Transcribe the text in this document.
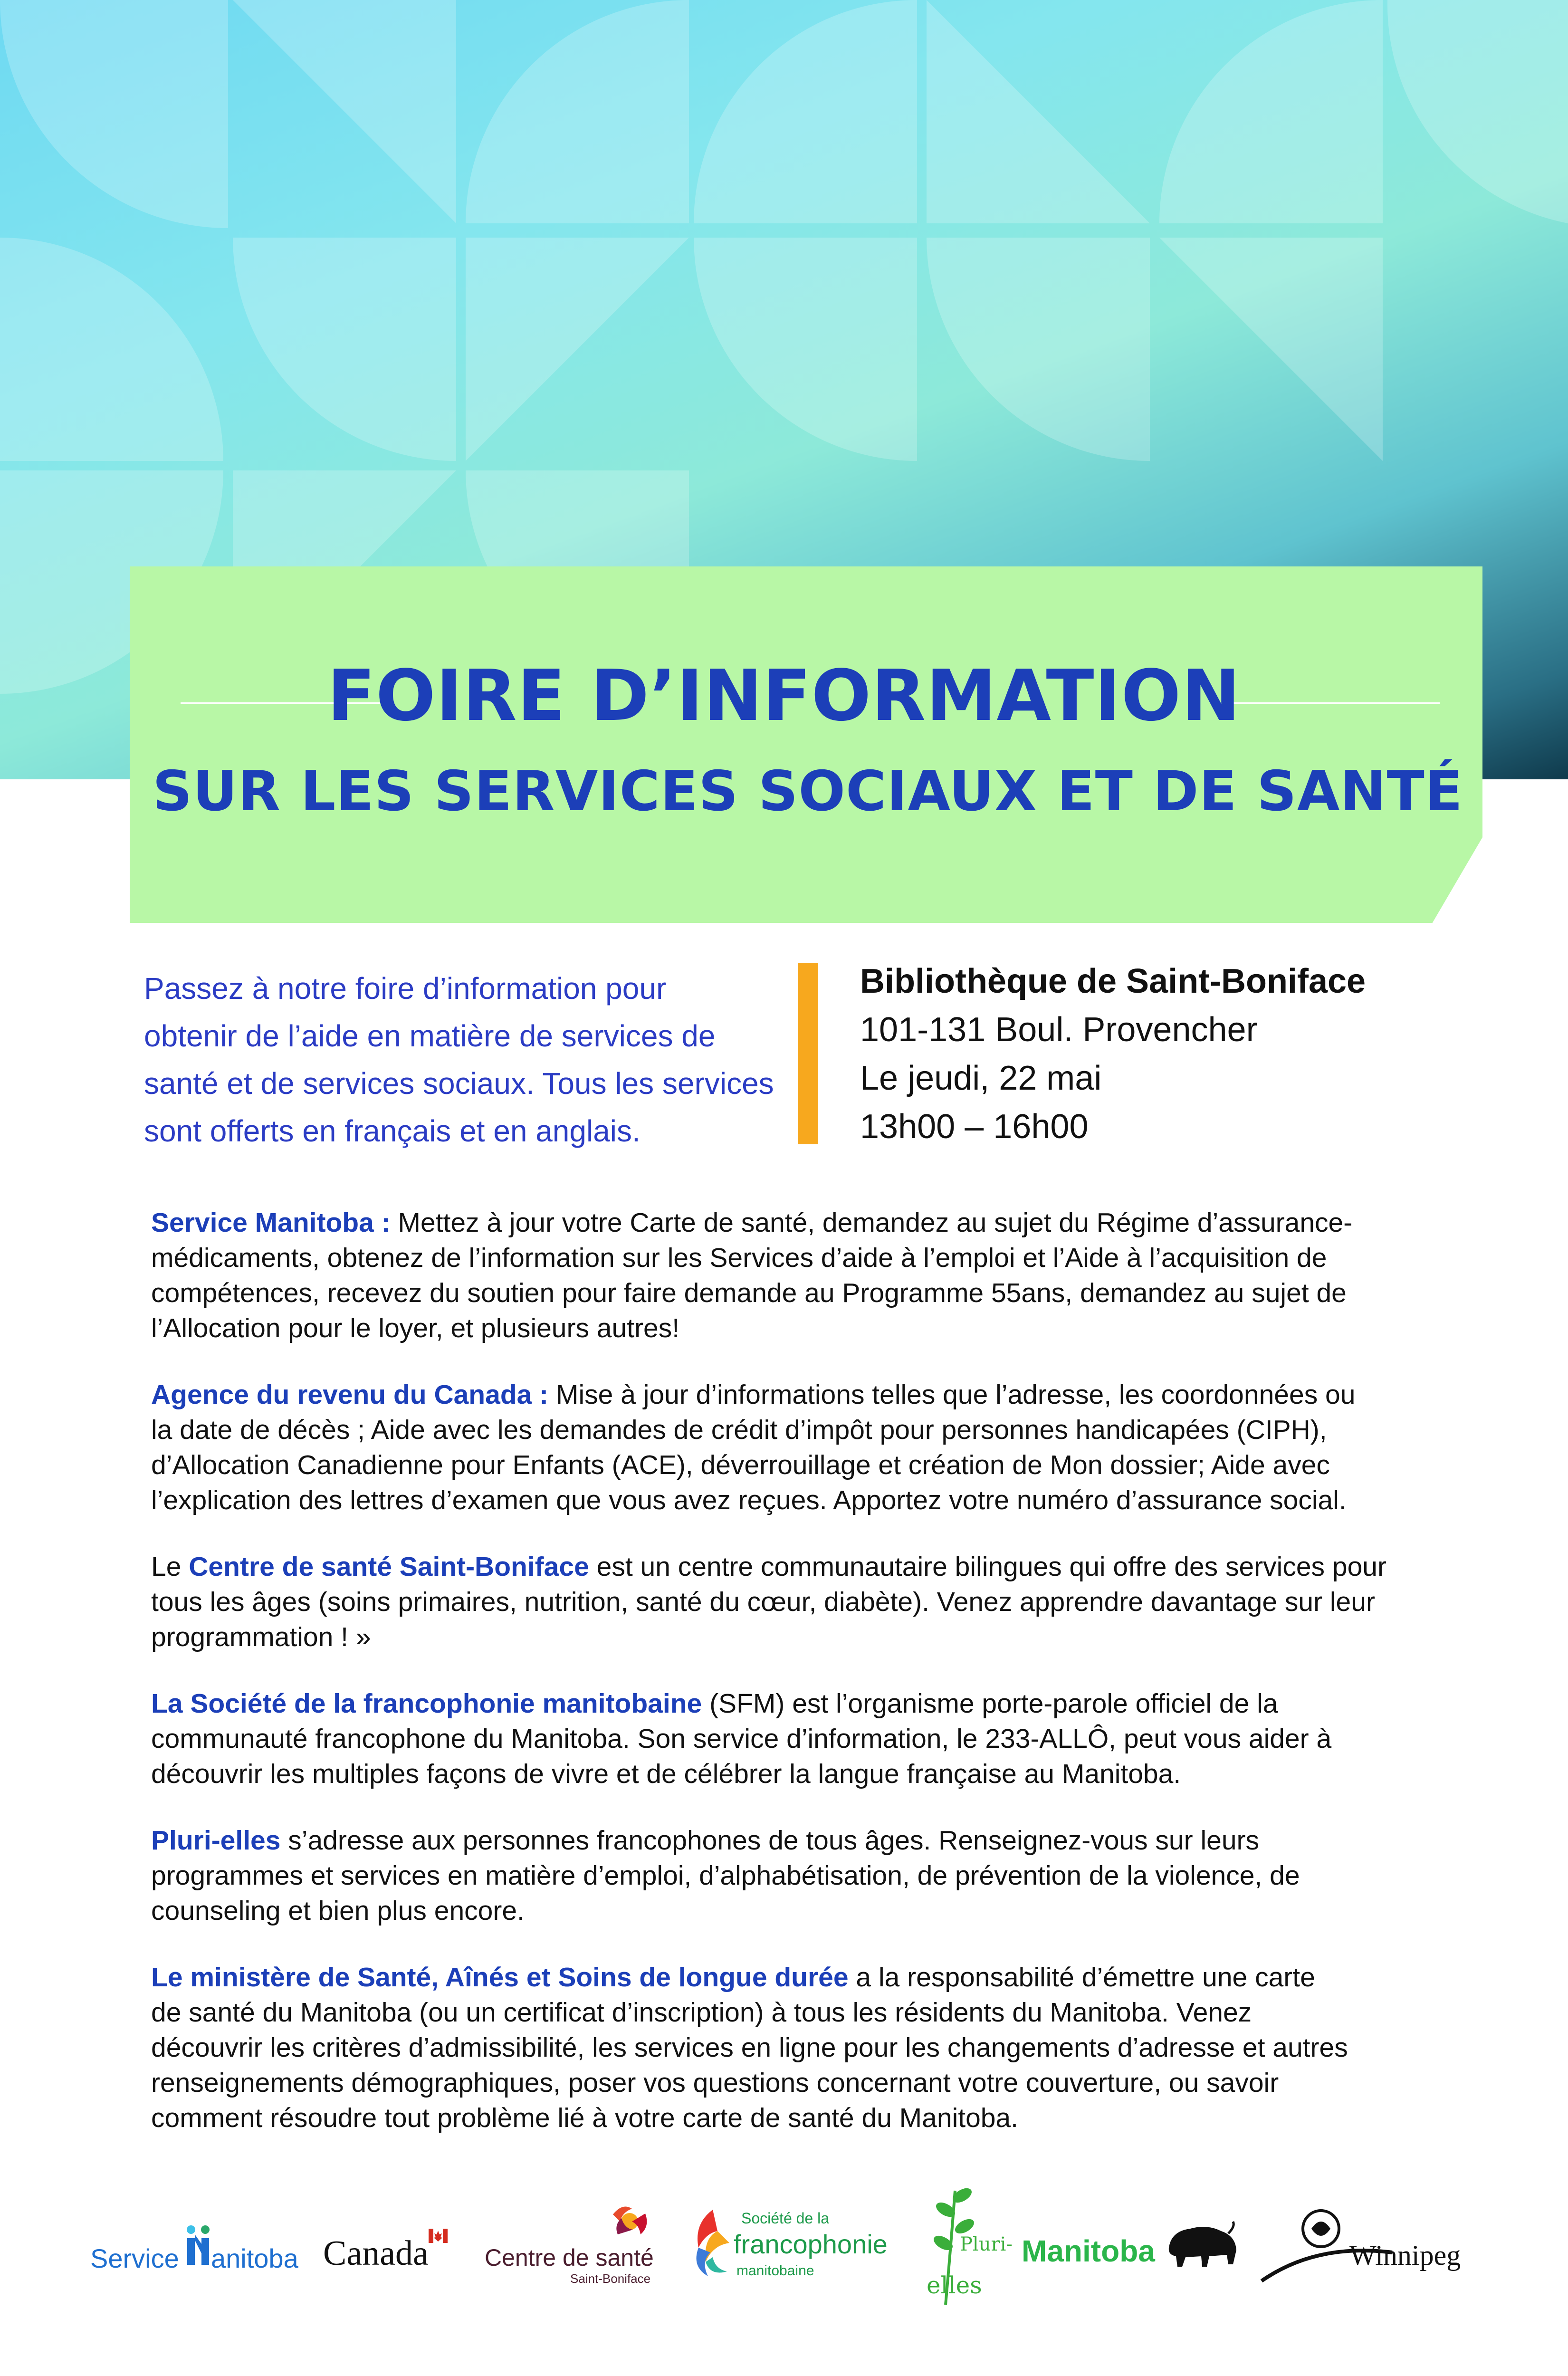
FOIRE D’INFORMATION
SUR LES SERVICES SOCIAUX ET DE SANTÉ
Passez à notre foire d’information pour
obtenir de l’aide en matière de services de
santé et de services sociaux. Tous les services
sont offerts en français et en anglais.
Bibliothèque de Saint-Boniface
101-131 Boul. Provencher
Le jeudi, 22 mai
13h00 – 16h00

Service Manitoba : Mettez à jour votre Carte de santé, demandez au sujet du Régime d’assurance-
médicaments, obtenez de l’information sur les Services d’aide à l’emploi et l’Aide à l’acquisition de
compétences, recevez du soutien pour faire demande au Programme 55ans, demandez au sujet de
l’Allocation pour le loyer, et plusieurs autres!

Agence du revenu du Canada : Mise à jour d’informations telles que l’adresse, les coordonnées ou
la date de décès ; Aide avec les demandes de crédit d’impôt pour personnes handicapées (CIPH),
d’Allocation Canadienne pour Enfants (ACE), déverrouillage et création de Mon dossier; Aide avec
l’explication des lettres d’examen que vous avez reçues. Apportez votre numéro d’assurance social.

Le Centre de santé Saint-Boniface est un centre communautaire bilingues qui offre des services pour
tous les âges (soins primaires, nutrition, santé du cœur, diabète). Venez apprendre davantage sur leur
programmation ! »

La Société de la francophonie manitobaine (SFM) est l’organisme porte-parole officiel de la
communauté francophone du Manitoba. Son service d’information, le 233-ALLÔ, peut vous aider à
découvrir les multiples façons de vivre et de célébrer la langue française au Manitoba.

Pluri-elles s’adresse aux personnes francophones de tous âges. Renseignez-vous sur leurs
programmes et services en matière d’emploi, d’alphabétisation, de prévention de la violence, de
counseling et bien plus encore.

Le ministère de Santé, Aînés et Soins de longue durée a la responsabilité d’émettre une carte
de santé du Manitoba (ou un certificat d’inscription) à tous les résidents du Manitoba. Venez
découvrir les critères d’admissibilité, les services en ligne pour les changements d’adresse et autres
renseignements démographiques, poser vos questions concernant votre couverture, ou savoir
comment résoudre tout problème lié à votre carte de santé du Manitoba.

Service anitoba Canada Centre de santé
Saint-Boniface
Société de la
francophonie
manitobaine
Pluri-
elles
Manitoba	Winnipeg
